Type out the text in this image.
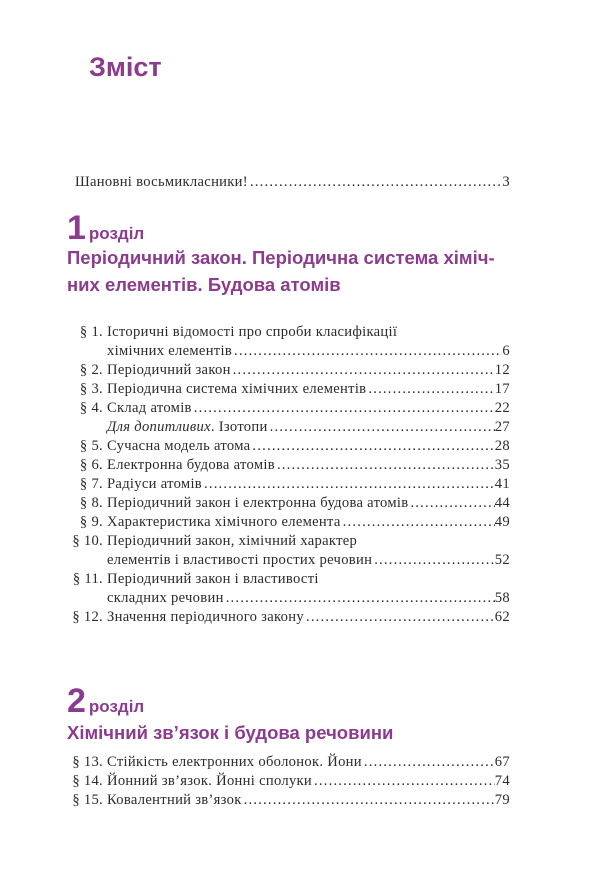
Зміст
Шановні восьмикласники! .....	3
1 розділ
Періодичний закон. Періодична система хіміч-
них елементів. Будова атомів
§ 1. Історичні відомості про спроби класифікації
хімічних елементів .....	6
§ 2. Періодичний закон .....	12
§ 3. Періодична система хімічних елементів .....	17
§ 4. Склад атомів .....	22
Для допитливих. Ізотопи .....	27
§ 5. Сучасна модель атома .....	28
§ 6. Електронна будова атомів .....	35
§ 7. Радіуси атомів .....	41
§ 8. Періодичний закон і електронна будова атомів .....	44
§ 9. Характеристика хімічного елемента .....	49
§ 10. Періодичний закон, хімічний характер
елементів і властивості простих речовин .....	52
§ 11. Періодичний закон і властивості
складних речовин .....	58
§ 12. Значення періодичного закону .....	62
2 розділ
Хімічний зв’язок і будова речовини
§ 13. Стійкість електронних оболонок. Йони .....	67
§ 14. Йонний зв’язок. Йонні сполуки .....	74
§ 15. Ковалентний зв’язок .....	79
